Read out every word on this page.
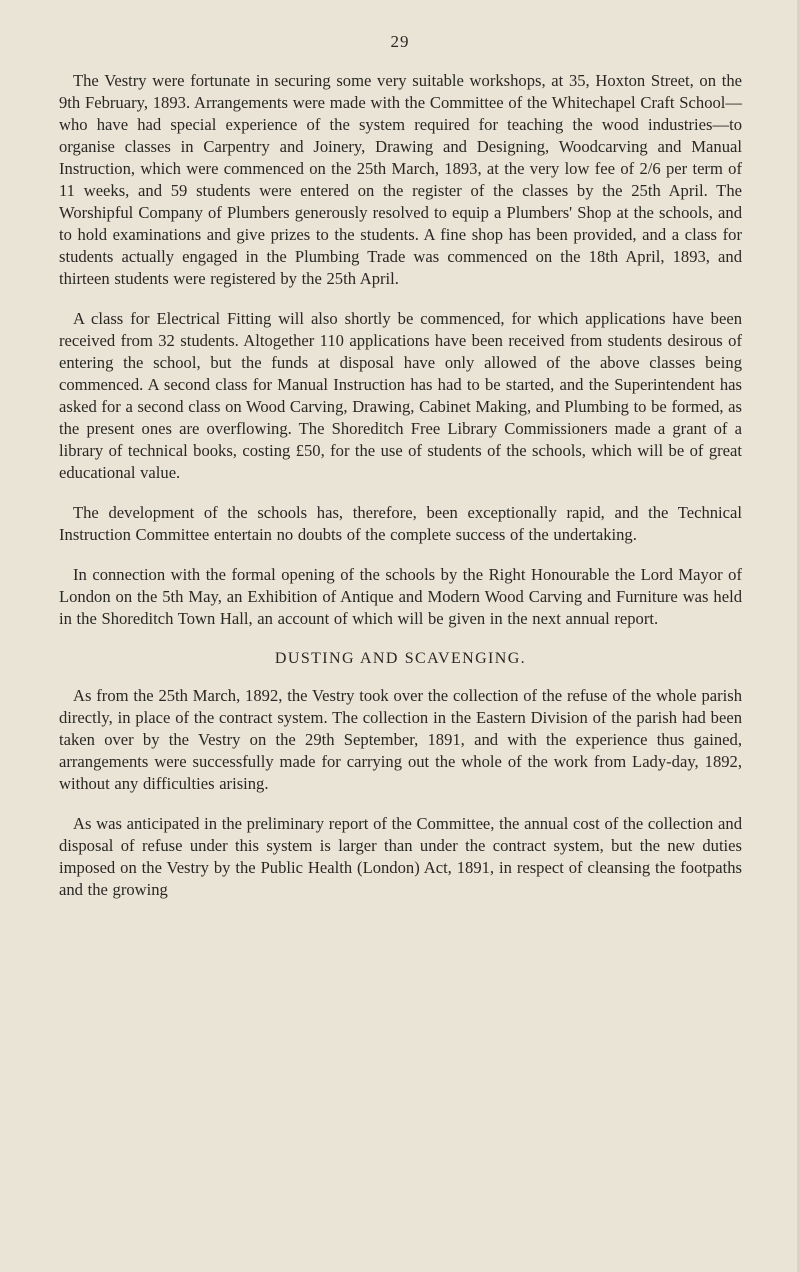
29

The Vestry were fortunate in securing some very suitable workshops, at 35, Hoxton Street, on the 9th February, 1893. Arrangements were made with the Committee of the Whitechapel Craft School—who have had special experience of the system required for teaching the wood industries—to organise classes in Carpentry and Joinery, Drawing and Designing, Woodcarving and Manual Instruction, which were commenced on the 25th March, 1893, at the very low fee of 2/6 per term of 11 weeks, and 59 students were entered on the register of the classes by the 25th April. The Worshipful Company of Plumbers generously resolved to equip a Plumbers' Shop at the schools, and to hold examinations and give prizes to the students. A fine shop has been provided, and a class for students actually engaged in the Plumbing Trade was commenced on the 18th April, 1893, and thirteen students were registered by the 25th April.

A class for Electrical Fitting will also shortly be commenced, for which applications have been received from 32 students. Altogether 110 applications have been received from students desirous of entering the school, but the funds at disposal have only allowed of the above classes being commenced. A second class for Manual Instruction has had to be started, and the Superintendent has asked for a second class on Wood Carving, Drawing, Cabinet Making, and Plumbing to be formed, as the present ones are overflowing. The Shoreditch Free Library Commissioners made a grant of a library of technical books, costing £50, for the use of students of the schools, which will be of great educational value.

The development of the schools has, therefore, been exceptionally rapid, and the Technical Instruction Committee entertain no doubts of the complete success of the undertaking.

In connection with the formal opening of the schools by the Right Honourable the Lord Mayor of London on the 5th May, an Exhibition of Antique and Modern Wood Carving and Furniture was held in the Shoreditch Town Hall, an account of which will be given in the next annual report.

DUSTING AND SCAVENGING.

As from the 25th March, 1892, the Vestry took over the collection of the refuse of the whole parish directly, in place of the contract system. The collection in the Eastern Division of the parish had been taken over by the Vestry on the 29th September, 1891, and with the experience thus gained, arrangements were successfully made for carrying out the whole of the work from Lady-day, 1892, without any difficulties arising.

As was anticipated in the preliminary report of the Committee, the annual cost of the collection and disposal of refuse under this system is larger than under the contract system, but the new duties imposed on the Vestry by the Public Health (London) Act, 1891, in respect of cleansing the footpaths and the growing
